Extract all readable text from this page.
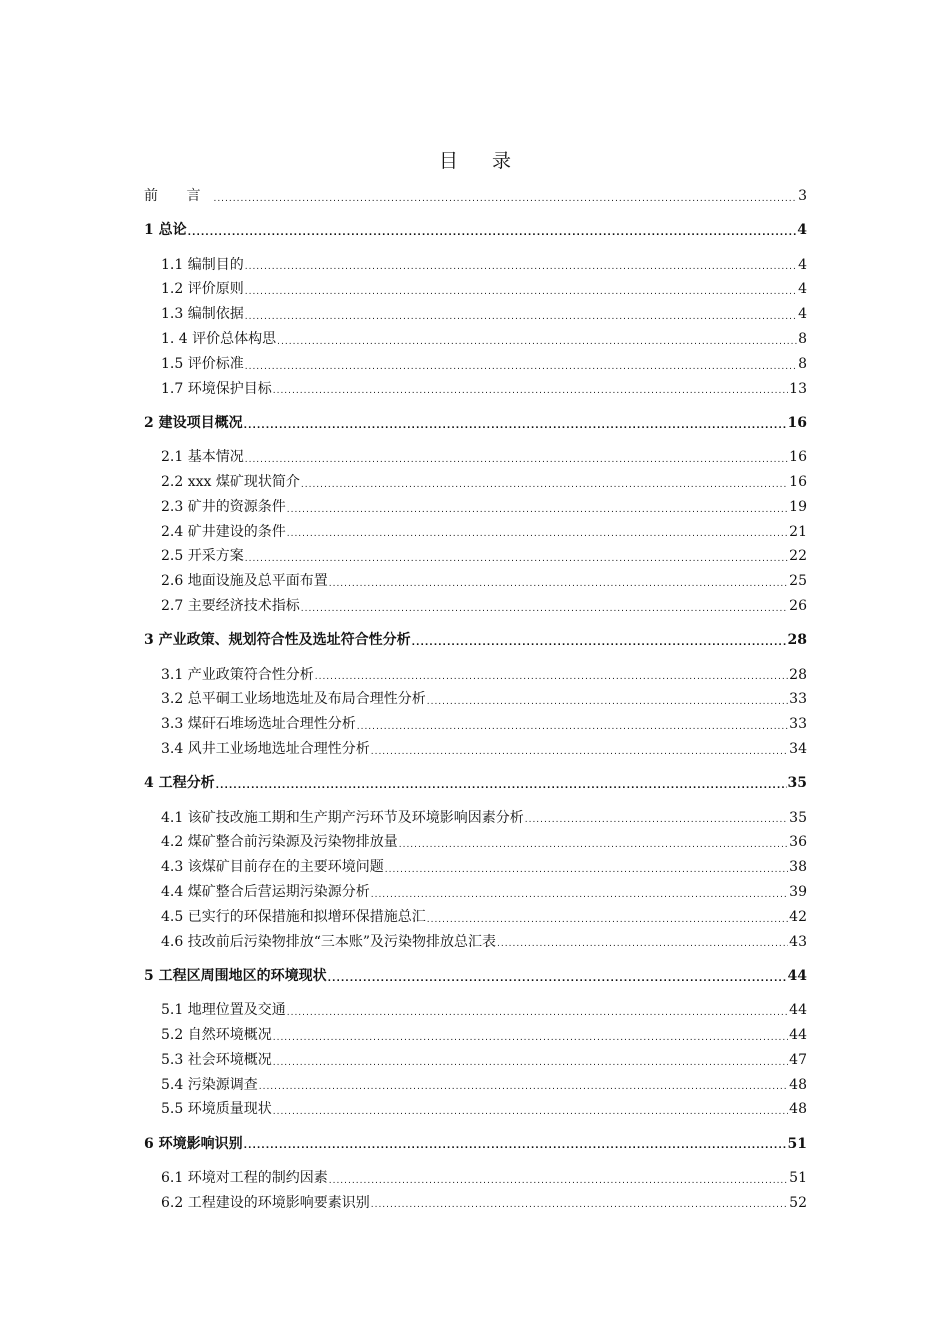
目 录
前 言 .....	3
1 总论 .....	4
1.1 编制目的 .....	4
1.2 评价原则 .....	4
1.3 编制依据 .....	4
1. 4 评价总体构思 .....	8
1.5 评价标准 .....	8
1.7 环境保护目标 .....	13
2 建设项目概况 .....	16
2.1 基本情况 .....	16
2.2 xxx 煤矿现状简介 .....	16
2.3 矿井的资源条件 .....	19
2.4 矿井建设的条件 .....	21
2.5 开采方案 .....	22
2.6 地面设施及总平面布置 .....	25
2.7 主要经济技术指标 .....	26
3 产业政策、规划符合性及选址符合性分析 .....	28
3.1 产业政策符合性分析 .....	28
3.2 总平硐工业场地选址及布局合理性分析 .....	33
3.3 煤矸石堆场选址合理性分析 .....	33
3.4 风井工业场地选址合理性分析 .....	34
4 工程分析 .....	35
4.1 该矿技改施工期和生产期产污环节及环境影响因素分析 .....	35
4.2 煤矿整合前污染源及污染物排放量 .....	36
4.3 该煤矿目前存在的主要环境问题 .....	38
4.4 煤矿整合后营运期污染源分析 .....	39
4.5 已实行的环保措施和拟增环保措施总汇 .....	42
4.6 技改前后污染物排放“三本账”及污染物排放总汇表 .....	43
5 工程区周围地区的环境现状 .....	44
5.1 地理位置及交通 .....	44
5.2 自然环境概况 .....	44
5.3 社会环境概况 .....	47
5.4 污染源调查 .....	48
5.5 环境质量现状 .....	48
6 环境影响识别 .....	51
6.1 环境对工程的制约因素 .....	51
6.2 工程建设的环境影响要素识别 .....	52
